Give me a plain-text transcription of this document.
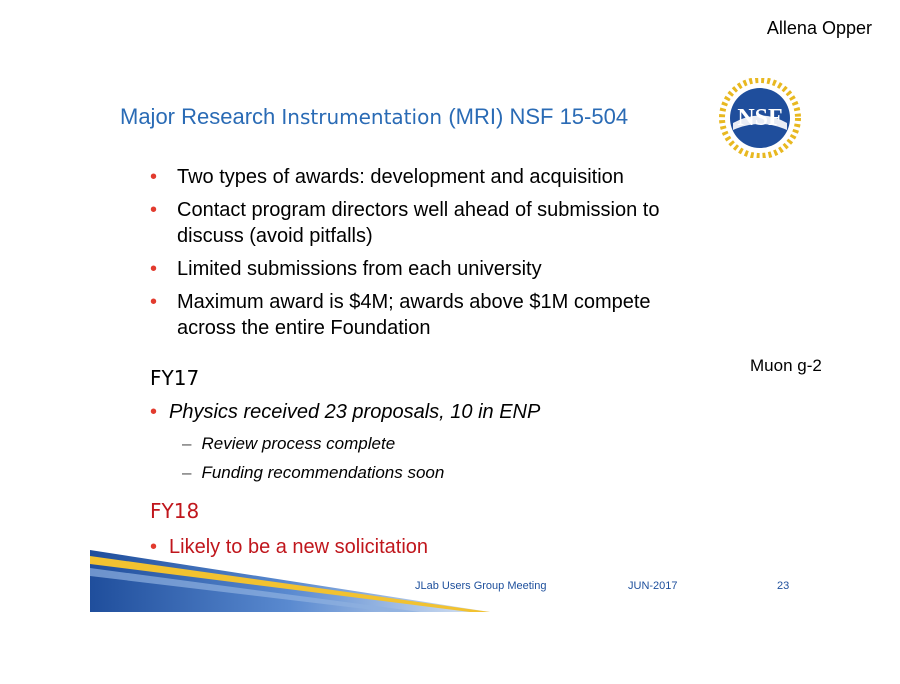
Allena Opper
Major Research Instrumentation (MRI) NSF 15-504	NSF
• Two types of awards: development and acquisition
• Contact program directors well ahead of submission to
discuss (avoid pitfalls)
• Limited submissions from each university
• Maximum award is $4M; awards above $1M compete
across the entire Foundation
Muon g-2
FY17
• Physics received 23 proposals, 10 in ENP
– Review process complete
– Funding recommendations soon
FY18
• Likely to be a new solicitation
JLab Users Group Meeting	JUN-2017	23
